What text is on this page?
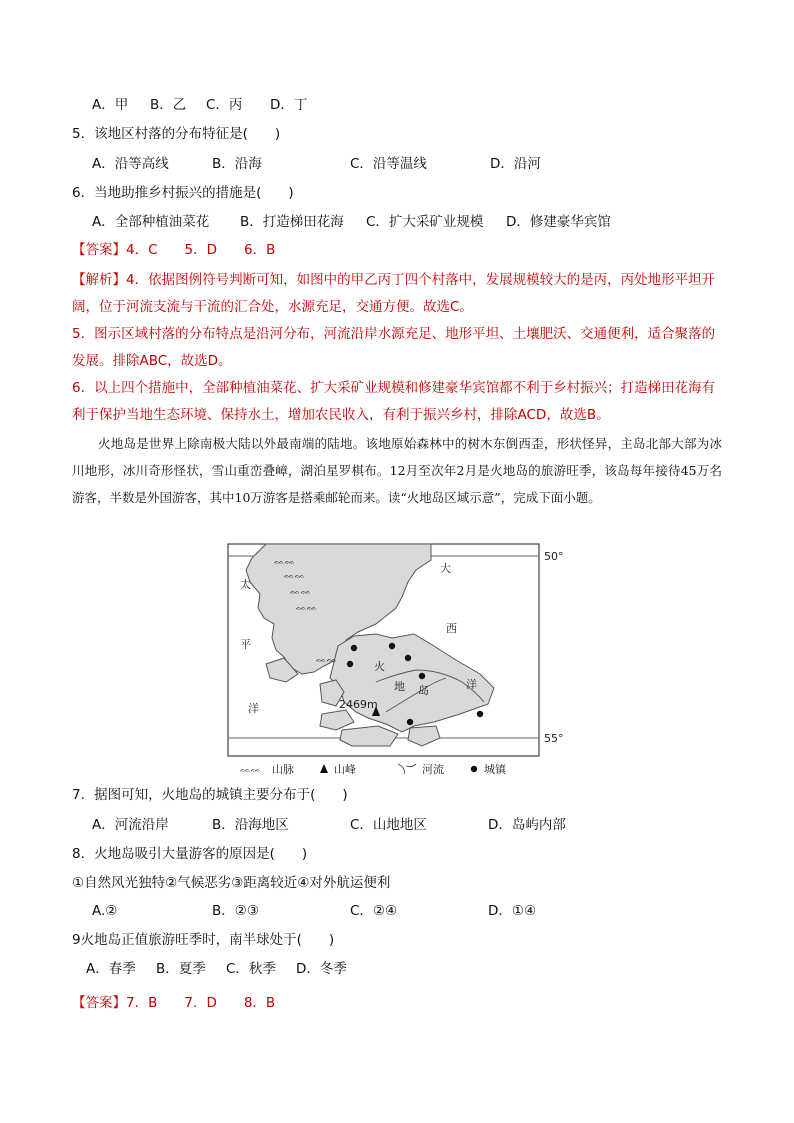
A．甲 B．乙 C．丙 D．丁
5．该地区村落的分布特征是(　　)
A．沿等高线	B．沿海	C．沿等温线	D．沿河
6．当地助推乡村振兴的措施是(　　)
A．全部种植油菜花 B．打造梯田花海 C．扩大采矿业规模 D．修建豪华宾馆
【答案】4．C　　5．D　　6．B
【解析】4．依据图例符号判断可知，如图中的甲乙丙丁四个村落中，发展规模较大的是丙，丙处地形平坦开阔，位于河流支流与干流的汇合处，水源充足，交通方便。故选C。
5．图示区域村落的分布特点是沿河分布，河流沿岸水源充足、地形平坦、土壤肥沃、交通便利，适合聚落的发展。排除ABC，故选D。
6．以上四个措施中，全部种植油菜花、扩大采矿业规模和修建豪华宾馆都不利于乡村振兴；打造梯田花海有利于保护当地生态环境、保持水土，增加农民收入，有利于振兴乡村，排除ACD，故选B。
火地岛是世界上除南极大陆以外最南端的陆地。该地原始森林中的树木东倒西歪，形状怪异，主岛北部大部为冰川地形，冰川奇形怪状，雪山重峦叠嶂，湖泊星罗棋布。12月至次年2月是火地岛的旅游旺季，该岛每年接待45万名游客，半数是外国游客，其中10万游客是搭乘邮轮而来。读“火地岛区域示意”，完成下面小题。
ᨐᨐ
ᨐᨐ
ᨐᨐ
ᨐᨐ
ᨐᨐ
2469m
太
平
洋
大
西
洋
火
地 岛
50°
55°
ᨐᨐ 山脉	山峰	河流	城镇
7．据图可知，火地岛的城镇主要分布于(　　)
A．河流沿岸	B．沿海地区	C．山地地区	D．岛屿内部
8．火地岛吸引大量游客的原因是(　　)
①自然风光独特②气候恶劣③距离较近④对外航运便利
A.②	B．②③	C．②④	D．①④
9火地岛正值旅游旺季时，南半球处于(　　)
A．春季 B．夏季 C．秋季 D．冬季
【答案】7．B　　7．D　　8．B
